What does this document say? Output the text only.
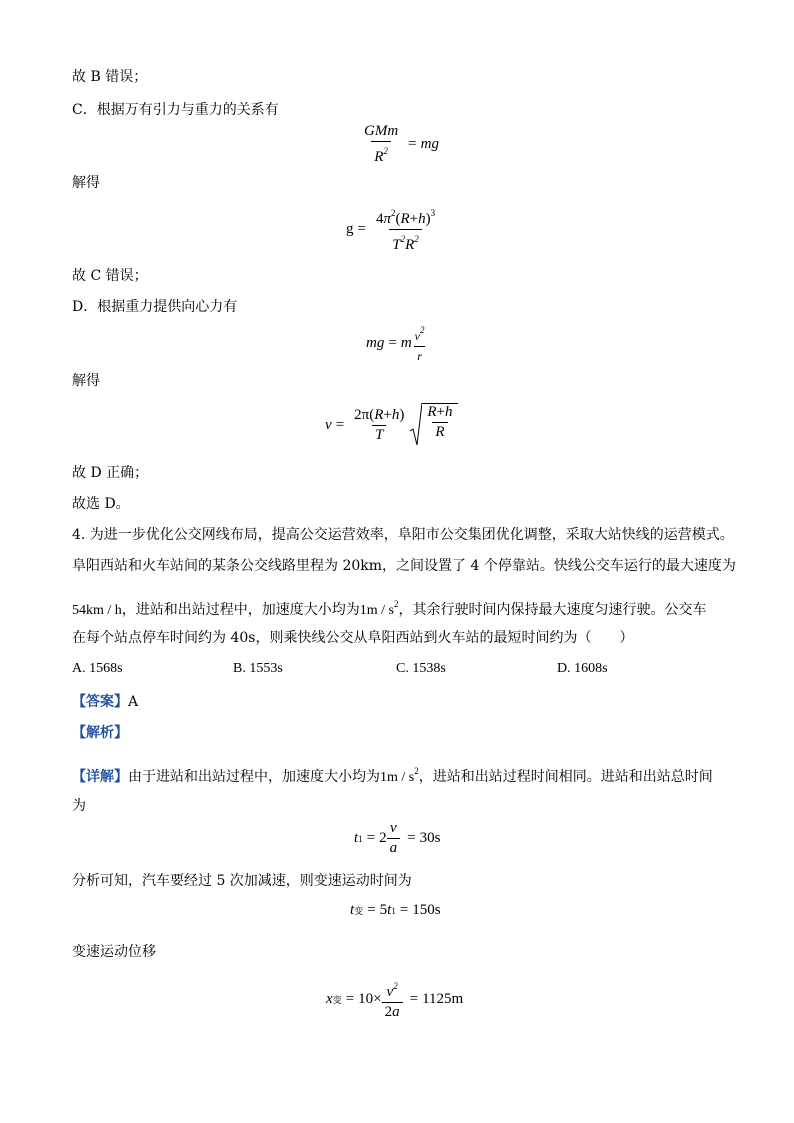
故 B 错误；
C．根据万有引力与重力的关系有
$\frac{\text{GMm}}{R^2}$ = mg
解得
$g = \frac{4\pi^2(R+h)^3}{T^2R^2}$
故 C 错误；
D．根据重力提供向心力有
mg = m $\frac{v^2}{r}$
解得
$v = \frac{2\pi(R+h)}{T} \frac{R+h}{R}$
故 D 正确；
故选 D。
4. 为进一步优化公交网线布局，提高公交运营效率，阜阳市公交集团优化调整，采取大站快线的运营模式。
阜阳西站和火车站间的某条公交线路里程为 20km，之间设置了 4 个停靠站。快线公交车运行的最大速度为
54km / h，进站和出站过程中，加速度大小均为$1m / s^2$，其余行驶时间内保持最大速度匀速行驶。公交车
在每个站点停车时间约为 40s，则乘快线公交从阜阳西站到火车站的最短时间约为（　　）
A. 1568s	B. 1553s	C. 1538s	D. 1608s
【答案】A
【解析】
【详解】由于进站和出站过程中，加速度大小均为$1m / s^2$，进站和出站过程时间相同。进站和出站总时间
为
t $1 = 2 \frac{v}{a} = 30s$
分析可知，汽车要经过 5 次加减速，则变速运动时间为
t 变 = 5 t 1 = 150s
变速运动位移
x 变 = $10\times \frac{v^2}{2a} = 1125m$
